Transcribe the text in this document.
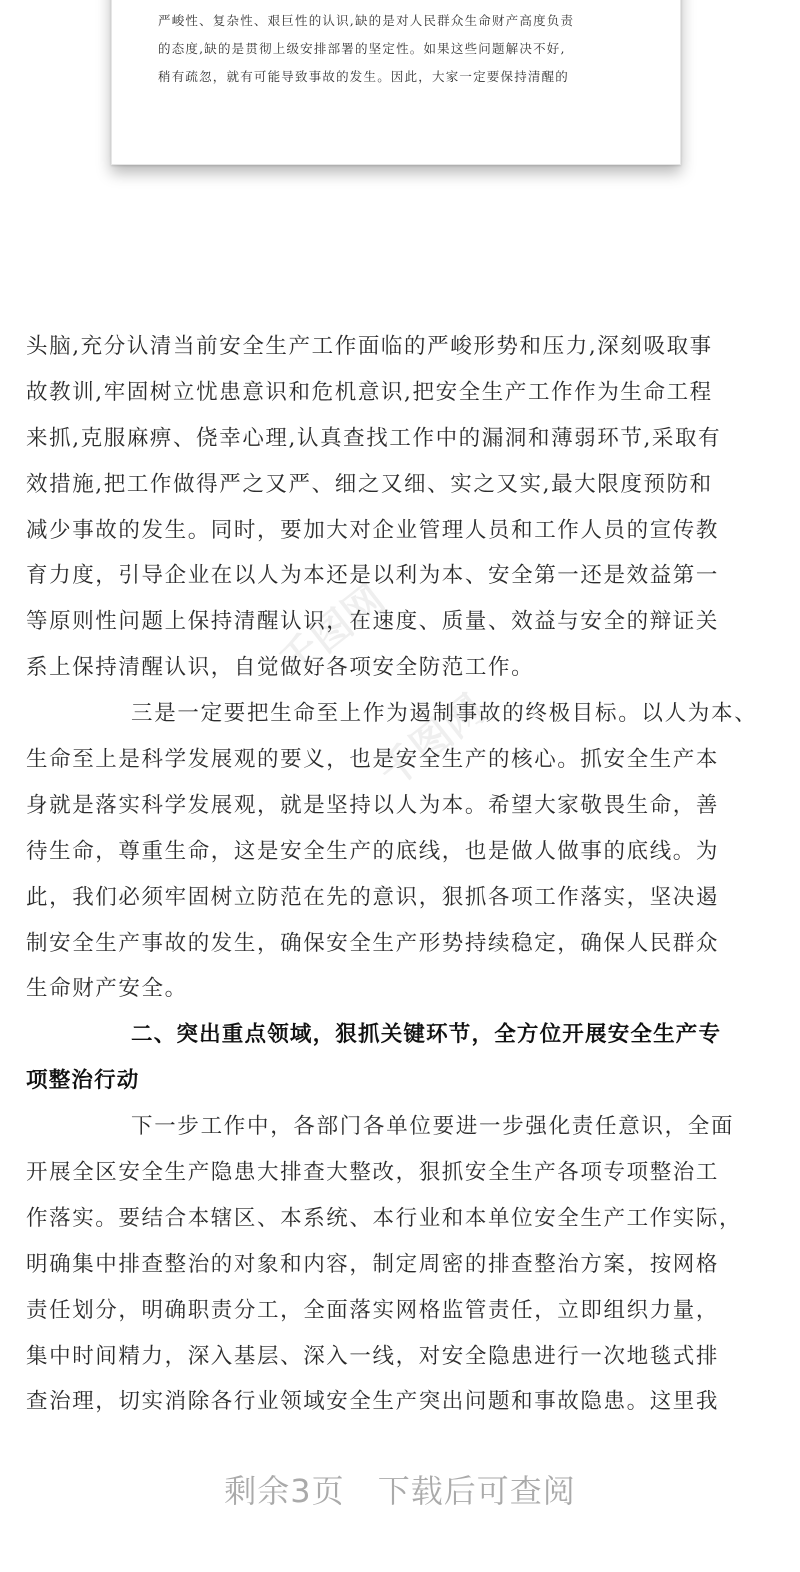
严峻性、复杂性、艰巨性的认识,缺的是对人民群众生命财产高度负责
的态度,缺的是贯彻上级安排部署的坚定性。如果这些问题解决不好,
稍有疏忽，就有可能导致事故的发生。因此，大家一定要保持清醒的
千图网
千图网
头脑,充分认清当前安全生产工作面临的严峻形势和压力,深刻吸取事
故教训,牢固树立忧患意识和危机意识,把安全生产工作作为生命工程
来抓,克服麻痹、侥幸心理,认真查找工作中的漏洞和薄弱环节,采取有
效措施,把工作做得严之又严、细之又细、实之又实,最大限度预防和
减少事故的发生。同时，要加大对企业管理人员和工作人员的宣传教
育力度，引导企业在以人为本还是以利为本、安全第一还是效益第一
等原则性问题上保持清醒认识，在速度、质量、效益与安全的辩证关
系上保持清醒认识，自觉做好各项安全防范工作。
三是一定要把生命至上作为遏制事故的终极目标。以人为本、
生命至上是科学发展观的要义，也是安全生产的核心。抓安全生产本
身就是落实科学发展观，就是坚持以人为本。希望大家敬畏生命，善
待生命，尊重生命，这是安全生产的底线，也是做人做事的底线。为
此，我们必须牢固树立防范在先的意识，狠抓各项工作落实，坚决遏
制安全生产事故的发生，确保安全生产形势持续稳定，确保人民群众
生命财产安全。
二、突出重点领域，狠抓关键环节，全方位开展安全生产专
项整治行动
下一步工作中，各部门各单位要进一步强化责任意识，全面
开展全区安全生产隐患大排查大整改，狠抓安全生产各项专项整治工
作落实。要结合本辖区、本系统、本行业和本单位安全生产工作实际，
明确集中排查整治的对象和内容，制定周密的排查整治方案，按网格
责任划分，明确职责分工，全面落实网格监管责任，立即组织力量，
集中时间精力，深入基层、深入一线，对安全隐患进行一次地毯式排
查治理，切实消除各行业领域安全生产突出问题和事故隐患。这里我
剩余3页 下载后可查阅
